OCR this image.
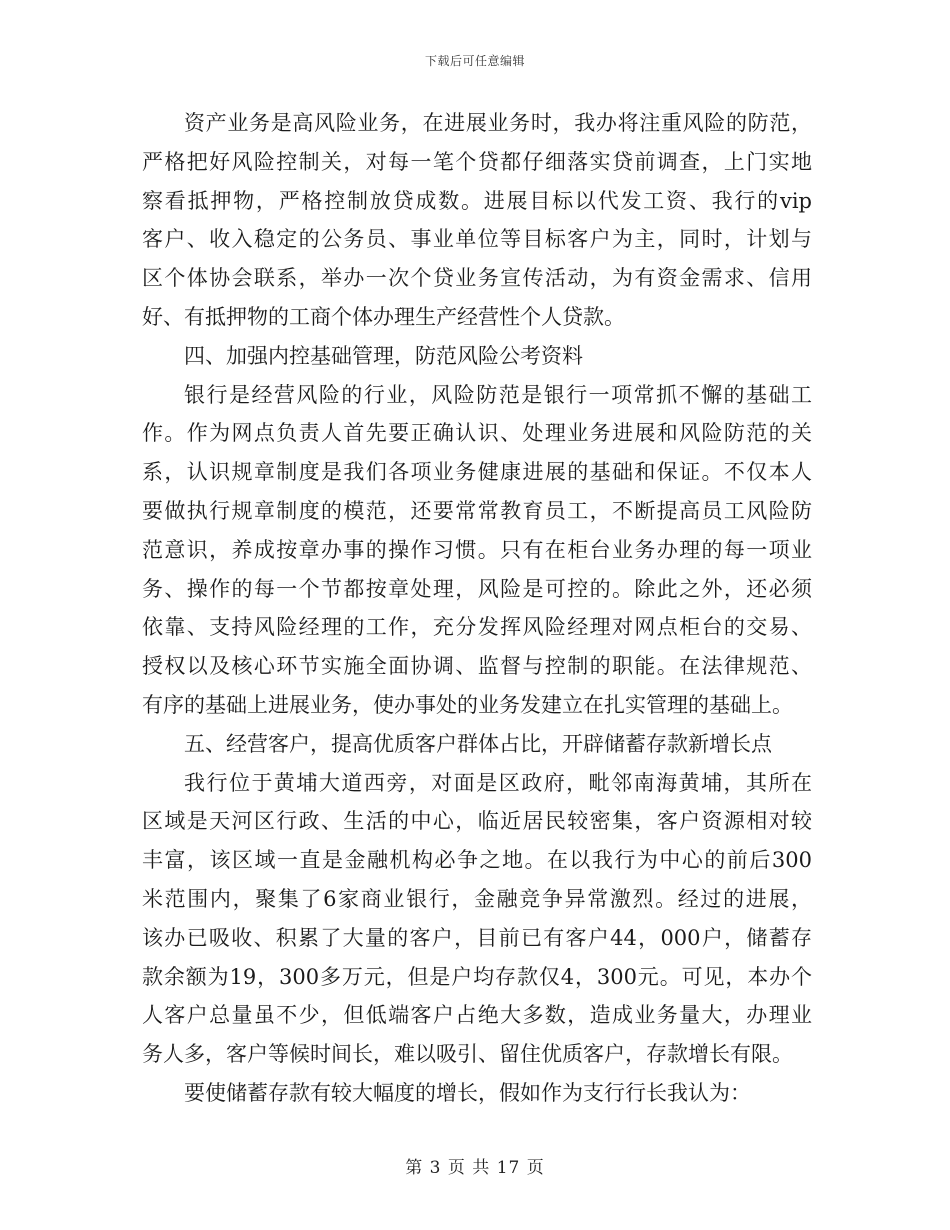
下载后可任意编辑
资产业务是高风险业务，在进展业务时，我办将注重风险的防范，
严格把好风险控制关，对每一笔个贷都仔细落实贷前调查，上门实地
察看抵押物，严格控制放贷成数。进展目标以代发工资、我行的vip
客户、收入稳定的公务员、事业单位等目标客户为主，同时，计划与
区个体协会联系，举办一次个贷业务宣传活动，为有资金需求、信用
好、有抵押物的工商个体办理生产经营性个人贷款。
四、加强内控基础管理，防范风险公考资料
银行是经营风险的行业，风险防范是银行一项常抓不懈的基础工
作。作为网点负责人首先要正确认识、处理业务进展和风险防范的关
系，认识规章制度是我们各项业务健康进展的基础和保证。不仅本人
要做执行规章制度的模范，还要常常教育员工，不断提高员工风险防
范意识，养成按章办事的操作习惯。只有在柜台业务办理的每一项业
务、操作的每一个节都按章处理，风险是可控的。除此之外，还必须
依靠、支持风险经理的工作，充分发挥风险经理对网点柜台的交易、
授权以及核心环节实施全面协调、监督与控制的职能。在法律规范、
有序的基础上进展业务，使办事处的业务发建立在扎实管理的基础上。
五、经营客户，提高优质客户群体占比，开辟储蓄存款新增长点
我行位于黄埔大道西旁，对面是区政府，毗邻南海黄埔，其所在
区域是天河区行政、生活的中心，临近居民较密集，客户资源相对较
丰富，该区域一直是金融机构必争之地。在以我行为中心的前后300
米范围内，聚集了6家商业银行，金融竞争异常激烈。经过的进展，
该办已吸收、积累了大量的客户，目前已有客户44，000户，储蓄存
款余额为19，300多万元，但是户均存款仅4，300元。可见，本办个
人客户总量虽不少，但低端客户占绝大多数，造成业务量大，办理业
务人多，客户等候时间长，难以吸引、留住优质客户，存款增长有限。
要使储蓄存款有较大幅度的增长，假如作为支行行长我认为：
第 3 页 共 17 页
